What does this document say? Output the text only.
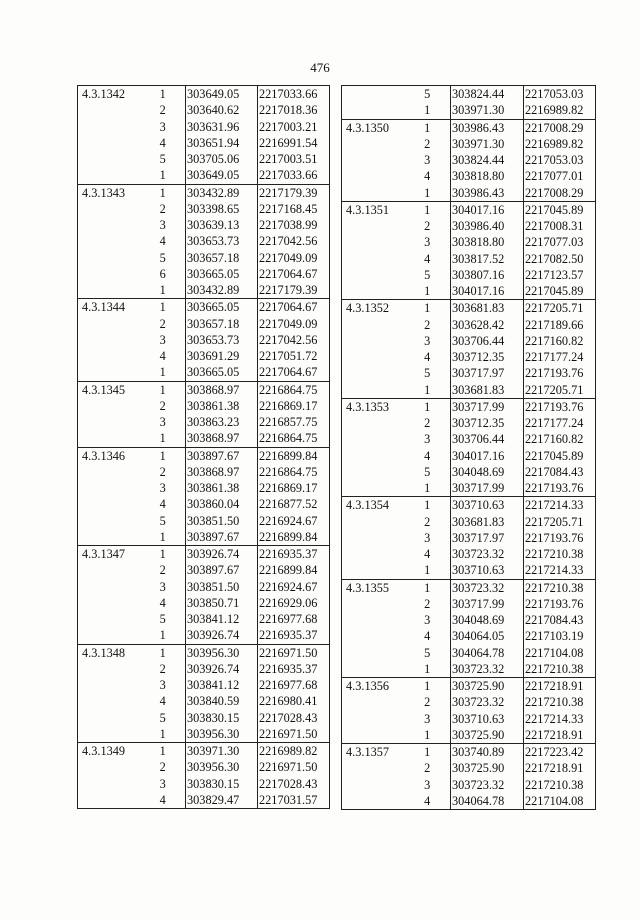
476
4.3.1342	1	303649.05	2217033.66
	2	303640.62	2217018.36
	3	303631.96	2217003.21
	4	303651.94	2216991.54
	5	303705.06	2217003.51
	1	303649.05	2217033.66
4.3.1343	1	303432.89	2217179.39
	2	303398.65	2217168.45
	3	303639.13	2217038.99
	4	303653.73	2217042.56
	5	303657.18	2217049.09
	6	303665.05	2217064.67
	1	303432.89	2217179.39
4.3.1344	1	303665.05	2217064.67
	2	303657.18	2217049.09
	3	303653.73	2217042.56
	4	303691.29	2217051.72
	1	303665.05	2217064.67
4.3.1345	1	303868.97	2216864.75
	2	303861.38	2216869.17
	3	303863.23	2216857.75
	1	303868.97	2216864.75
4.3.1346	1	303897.67	2216899.84
	2	303868.97	2216864.75
	3	303861.38	2216869.17
	4	303860.04	2216877.52
	5	303851.50	2216924.67
	1	303897.67	2216899.84
4.3.1347	1	303926.74	2216935.37
	2	303897.67	2216899.84
	3	303851.50	2216924.67
	4	303850.71	2216929.06
	5	303841.12	2216977.68
	1	303926.74	2216935.37
4.3.1348	1	303956.30	2216971.50
	2	303926.74	2216935.37
	3	303841.12	2216977.68
	4	303840.59	2216980.41
	5	303830.15	2217028.43
	1	303956.30	2216971.50
4.3.1349	1	303971.30	2216989.82
	2	303956.30	2216971.50
	3	303830.15	2217028.43
	4	303829.47	2217031.57
	5	303824.44	2217053.03
	1	303971.30	2216989.82
4.3.1350	1	303986.43	2217008.29
	2	303971.30	2216989.82
	3	303824.44	2217053.03
	4	303818.80	2217077.01
	1	303986.43	2217008.29
4.3.1351	1	304017.16	2217045.89
	2	303986.40	2217008.31
	3	303818.80	2217077.03
	4	303817.52	2217082.50
	5	303807.16	2217123.57
	1	304017.16	2217045.89
4.3.1352	1	303681.83	2217205.71
	2	303628.42	2217189.66
	3	303706.44	2217160.82
	4	303712.35	2217177.24
	5	303717.97	2217193.76
	1	303681.83	2217205.71
4.3.1353	1	303717.99	2217193.76
	2	303712.35	2217177.24
	3	303706.44	2217160.82
	4	304017.16	2217045.89
	5	304048.69	2217084.43
	1	303717.99	2217193.76
4.3.1354	1	303710.63	2217214.33
	2	303681.83	2217205.71
	3	303717.97	2217193.76
	4	303723.32	2217210.38
	1	303710.63	2217214.33
4.3.1355	1	303723.32	2217210.38
	2	303717.99	2217193.76
	3	304048.69	2217084.43
	4	304064.05	2217103.19
	5	304064.78	2217104.08
	1	303723.32	2217210.38
4.3.1356	1	303725.90	2217218.91
	2	303723.32	2217210.38
	3	303710.63	2217214.33
	1	303725.90	2217218.91
4.3.1357	1	303740.89	2217223.42
	2	303725.90	2217218.91
	3	303723.32	2217210.38
	4	304064.78	2217104.08
